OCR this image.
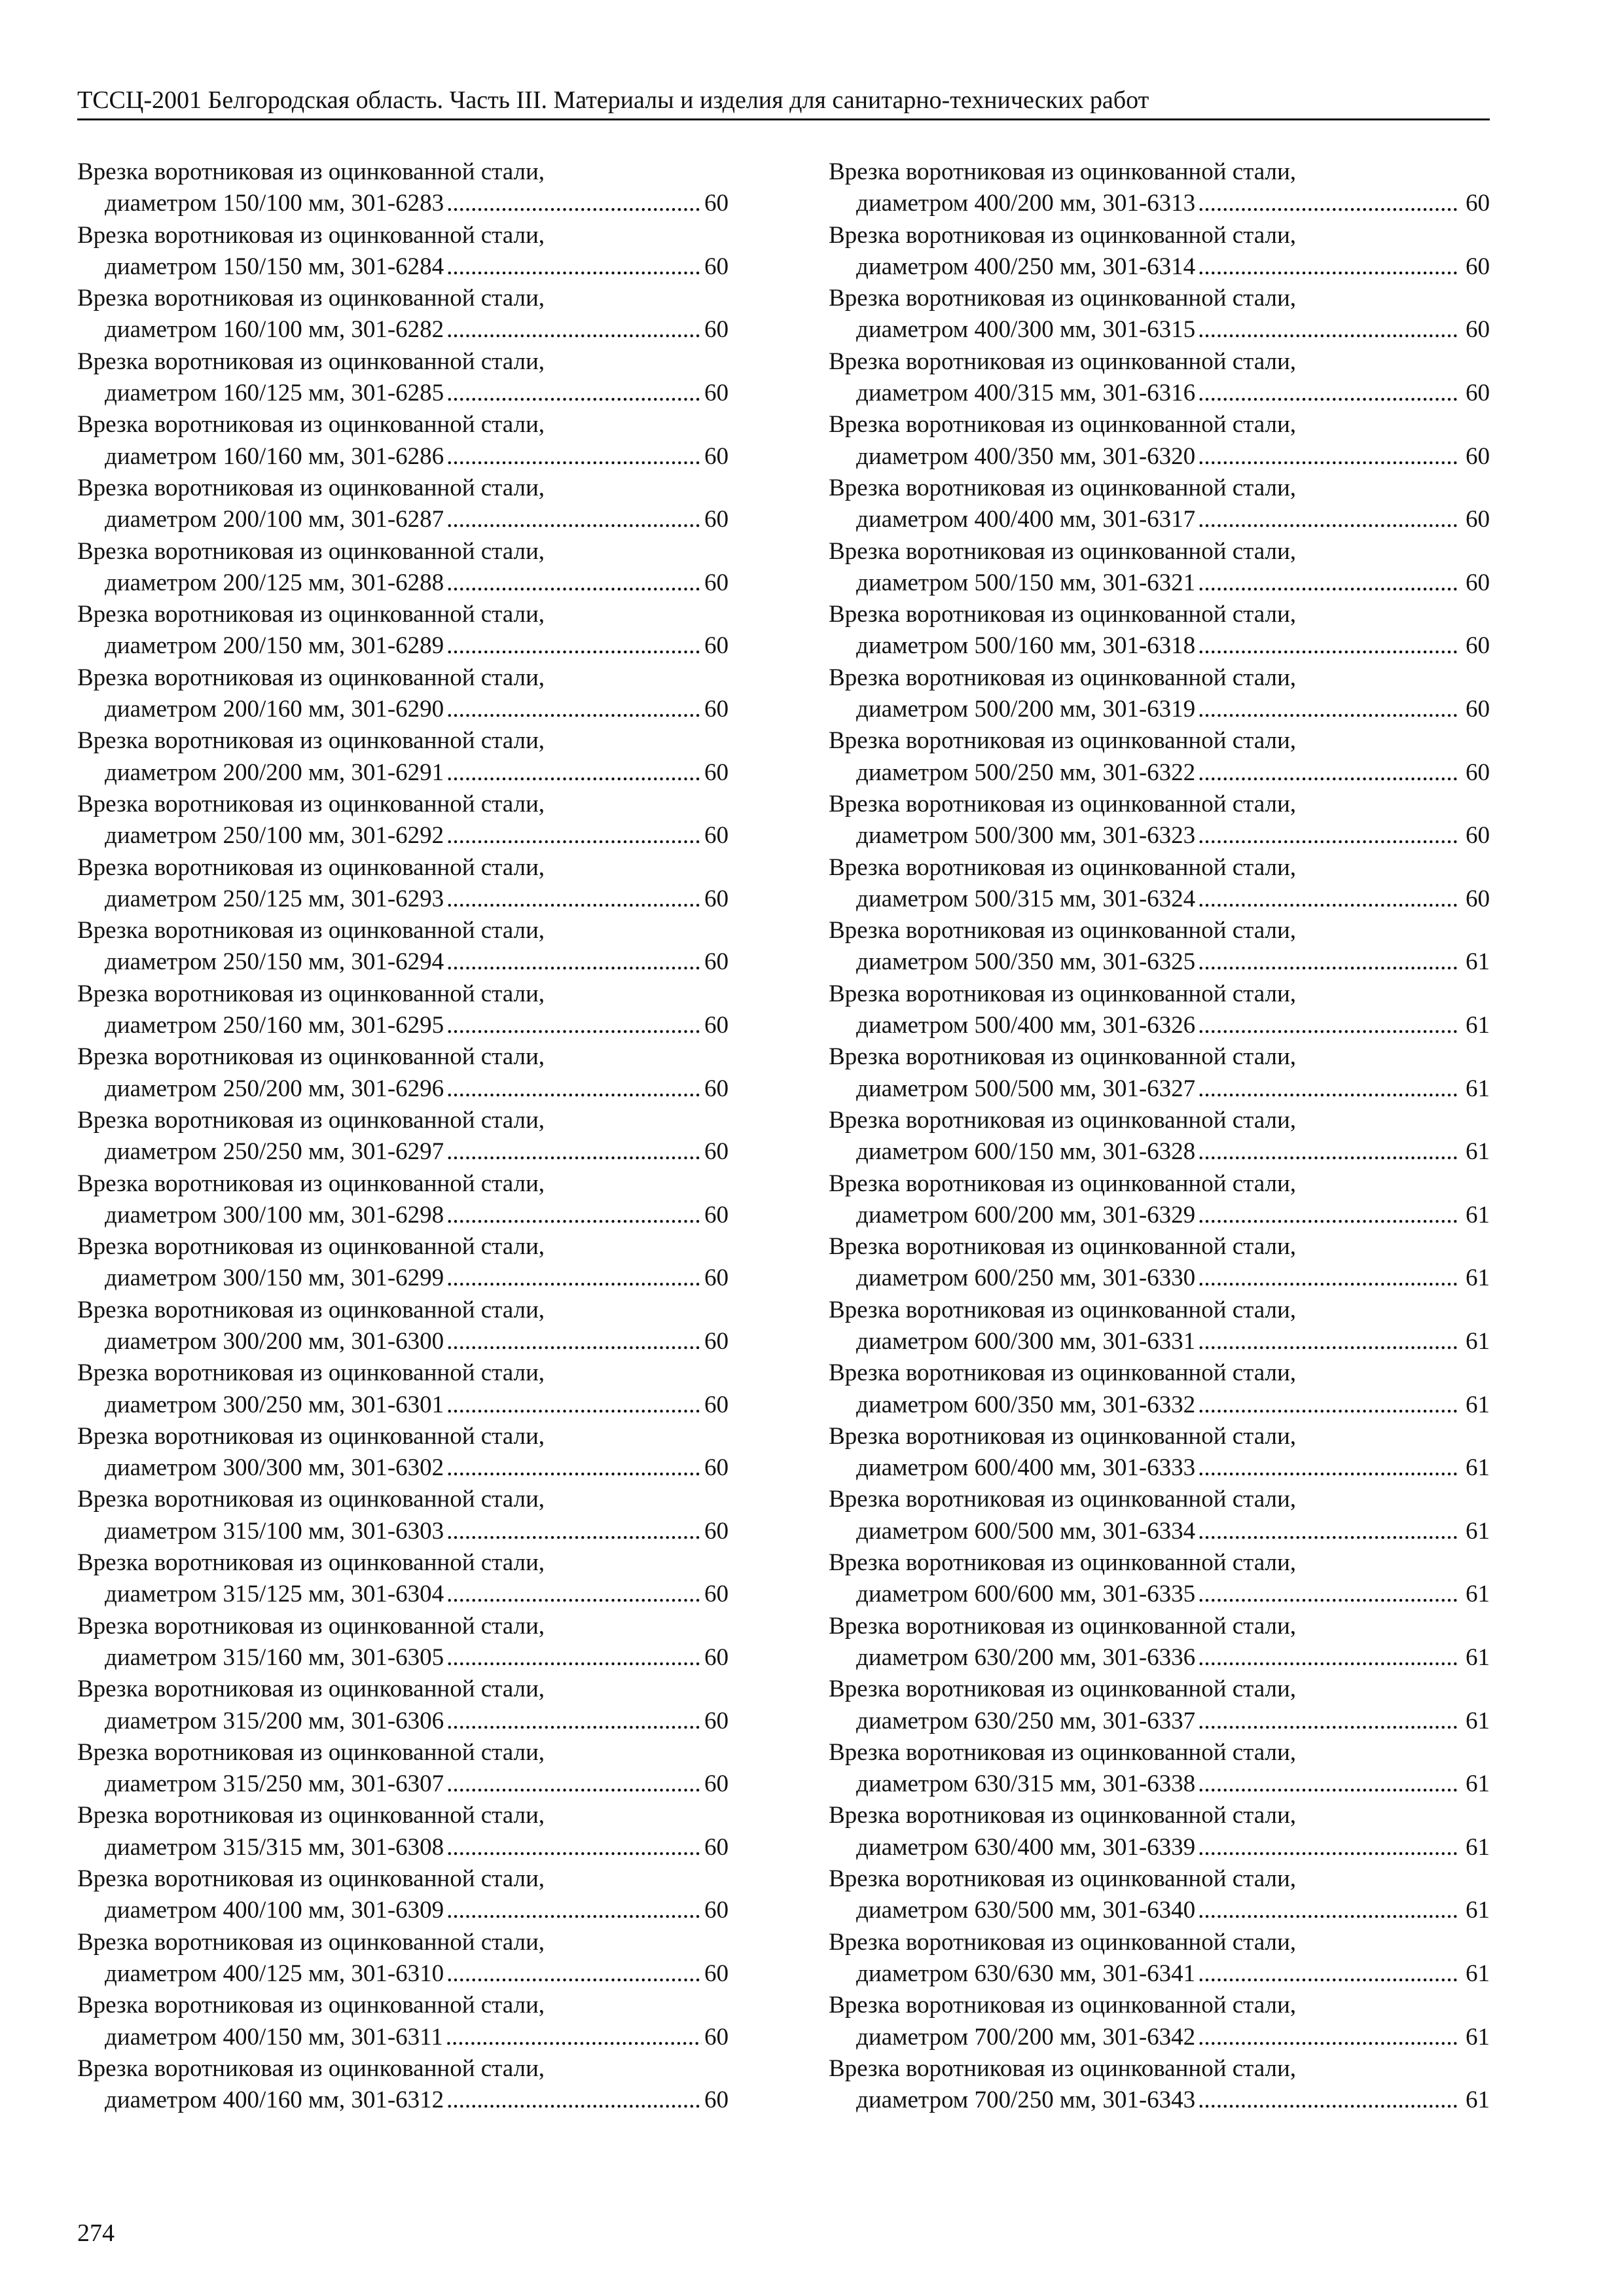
ТССЦ-2001 Белгородская область. Часть III. Материалы и изделия для санитарно-технических работ
Врезка воротниковая из оцинкованной стали,
диаметром 150/100 мм, 301-6283 .....	60
Врезка воротниковая из оцинкованной стали,
диаметром 150/150 мм, 301-6284 .....	60
Врезка воротниковая из оцинкованной стали,
диаметром 160/100 мм, 301-6282 .....	60
Врезка воротниковая из оцинкованной стали,
диаметром 160/125 мм, 301-6285 .....	60
Врезка воротниковая из оцинкованной стали,
диаметром 160/160 мм, 301-6286 .....	60
Врезка воротниковая из оцинкованной стали,
диаметром 200/100 мм, 301-6287 .....	60
Врезка воротниковая из оцинкованной стали,
диаметром 200/125 мм, 301-6288 .....	60
Врезка воротниковая из оцинкованной стали,
диаметром 200/150 мм, 301-6289 .....	60
Врезка воротниковая из оцинкованной стали,
диаметром 200/160 мм, 301-6290 .....	60
Врезка воротниковая из оцинкованной стали,
диаметром 200/200 мм, 301-6291 .....	60
Врезка воротниковая из оцинкованной стали,
диаметром 250/100 мм, 301-6292 .....	60
Врезка воротниковая из оцинкованной стали,
диаметром 250/125 мм, 301-6293 .....	60
Врезка воротниковая из оцинкованной стали,
диаметром 250/150 мм, 301-6294 .....	60
Врезка воротниковая из оцинкованной стали,
диаметром 250/160 мм, 301-6295 .....	60
Врезка воротниковая из оцинкованной стали,
диаметром 250/200 мм, 301-6296 .....	60
Врезка воротниковая из оцинкованной стали,
диаметром 250/250 мм, 301-6297 .....	60
Врезка воротниковая из оцинкованной стали,
диаметром 300/100 мм, 301-6298 .....	60
Врезка воротниковая из оцинкованной стали,
диаметром 300/150 мм, 301-6299 .....	60
Врезка воротниковая из оцинкованной стали,
диаметром 300/200 мм, 301-6300 .....	60
Врезка воротниковая из оцинкованной стали,
диаметром 300/250 мм, 301-6301 .....	60
Врезка воротниковая из оцинкованной стали,
диаметром 300/300 мм, 301-6302 .....	60
Врезка воротниковая из оцинкованной стали,
диаметром 315/100 мм, 301-6303 .....	60
Врезка воротниковая из оцинкованной стали,
диаметром 315/125 мм, 301-6304 .....	60
Врезка воротниковая из оцинкованной стали,
диаметром 315/160 мм, 301-6305 .....	60
Врезка воротниковая из оцинкованной стали,
диаметром 315/200 мм, 301-6306 .....	60
Врезка воротниковая из оцинкованной стали,
диаметром 315/250 мм, 301-6307 .....	60
Врезка воротниковая из оцинкованной стали,
диаметром 315/315 мм, 301-6308 .....	60
Врезка воротниковая из оцинкованной стали,
диаметром 400/100 мм, 301-6309 .....	60
Врезка воротниковая из оцинкованной стали,
диаметром 400/125 мм, 301-6310 .....	60
Врезка воротниковая из оцинкованной стали,
диаметром 400/150 мм, 301-6311 .....	60
Врезка воротниковая из оцинкованной стали,
диаметром 400/160 мм, 301-6312 .....	60
Врезка воротниковая из оцинкованной стали,
диаметром 400/200 мм, 301-6313 .....	60
Врезка воротниковая из оцинкованной стали,
диаметром 400/250 мм, 301-6314 .....	60
Врезка воротниковая из оцинкованной стали,
диаметром 400/300 мм, 301-6315 .....	60
Врезка воротниковая из оцинкованной стали,
диаметром 400/315 мм, 301-6316 .....	60
Врезка воротниковая из оцинкованной стали,
диаметром 400/350 мм, 301-6320 .....	60
Врезка воротниковая из оцинкованной стали,
диаметром 400/400 мм, 301-6317 .....	60
Врезка воротниковая из оцинкованной стали,
диаметром 500/150 мм, 301-6321 .....	60
Врезка воротниковая из оцинкованной стали,
диаметром 500/160 мм, 301-6318 .....	60
Врезка воротниковая из оцинкованной стали,
диаметром 500/200 мм, 301-6319 .....	60
Врезка воротниковая из оцинкованной стали,
диаметром 500/250 мм, 301-6322 .....	60
Врезка воротниковая из оцинкованной стали,
диаметром 500/300 мм, 301-6323 .....	60
Врезка воротниковая из оцинкованной стали,
диаметром 500/315 мм, 301-6324 .....	60
Врезка воротниковая из оцинкованной стали,
диаметром 500/350 мм, 301-6325 .....	61
Врезка воротниковая из оцинкованной стали,
диаметром 500/400 мм, 301-6326 .....	61
Врезка воротниковая из оцинкованной стали,
диаметром 500/500 мм, 301-6327 .....	61
Врезка воротниковая из оцинкованной стали,
диаметром 600/150 мм, 301-6328 .....	61
Врезка воротниковая из оцинкованной стали,
диаметром 600/200 мм, 301-6329 .....	61
Врезка воротниковая из оцинкованной стали,
диаметром 600/250 мм, 301-6330 .....	61
Врезка воротниковая из оцинкованной стали,
диаметром 600/300 мм, 301-6331 .....	61
Врезка воротниковая из оцинкованной стали,
диаметром 600/350 мм, 301-6332 .....	61
Врезка воротниковая из оцинкованной стали,
диаметром 600/400 мм, 301-6333 .....	61
Врезка воротниковая из оцинкованной стали,
диаметром 600/500 мм, 301-6334 .....	61
Врезка воротниковая из оцинкованной стали,
диаметром 600/600 мм, 301-6335 .....	61
Врезка воротниковая из оцинкованной стали,
диаметром 630/200 мм, 301-6336 .....	61
Врезка воротниковая из оцинкованной стали,
диаметром 630/250 мм, 301-6337 .....	61
Врезка воротниковая из оцинкованной стали,
диаметром 630/315 мм, 301-6338 .....	61
Врезка воротниковая из оцинкованной стали,
диаметром 630/400 мм, 301-6339 .....	61
Врезка воротниковая из оцинкованной стали,
диаметром 630/500 мм, 301-6340 .....	61
Врезка воротниковая из оцинкованной стали,
диаметром 630/630 мм, 301-6341 .....	61
Врезка воротниковая из оцинкованной стали,
диаметром 700/200 мм, 301-6342 .....	61
Врезка воротниковая из оцинкованной стали,
диаметром 700/250 мм, 301-6343 .....	61
274
